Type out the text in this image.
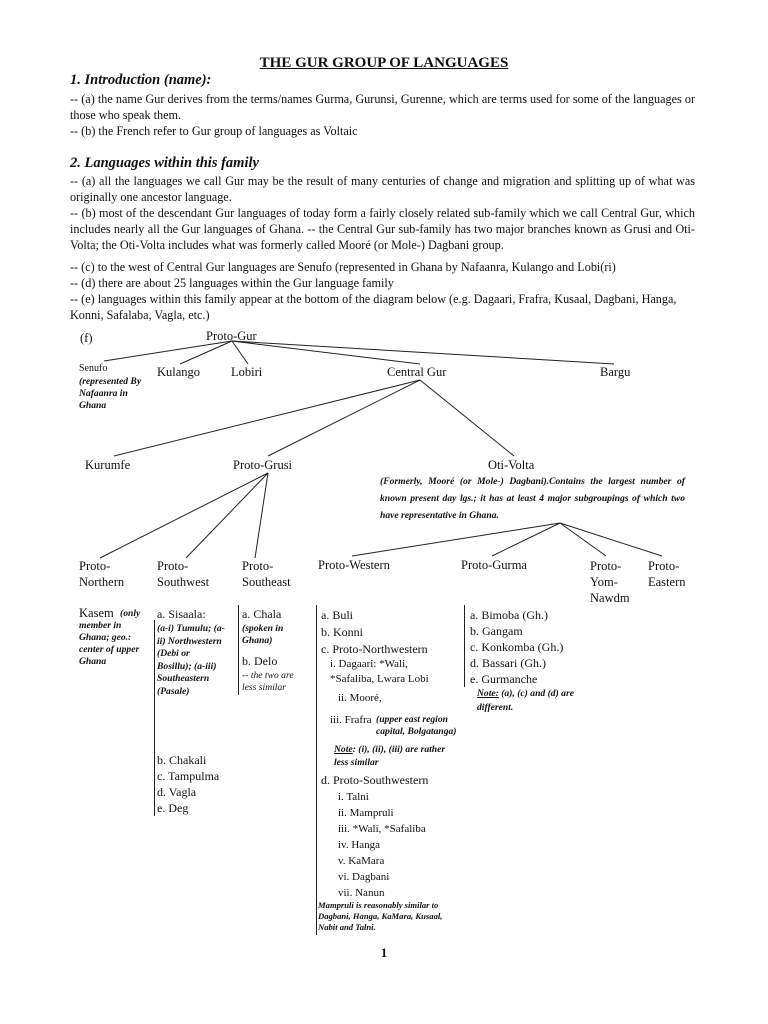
THE GUR GROUP OF LANGUAGES
1. Introduction (name):
-- (a) the name Gur derives from the terms/names Gurma, Gurunsi, Gurenne, which are terms used for some of the languages or those who speak them.
-- (b) the French refer to Gur group of languages as Voltaic
2. Languages within this family
-- (a) all the languages we call Gur may be the result of many centuries of change and migration and splitting up of what was originally one ancestor language.
-- (b) most of the descendant Gur languages of today form a fairly closely related sub-family which we call Central Gur, which includes nearly all the Gur languages of Ghana. -- the Central Gur sub-family has two major branches known as Grusi and Oti-Volta; the Oti-Volta includes what was formerly called Mooré (or Mole-) Dagbani group.
-- (c) to the west of Central Gur languages are Senufo (represented in Ghana by Nafaanra, Kulango and Lobi(ri)
-- (d) there are about 25 languages within the Gur language family
-- (e) languages within this family appear at the bottom of the diagram below (e.g. Dagaari, Frafra, Kusaal, Dagbani, Hanga, Konni, Safalaba, Vagla, etc.)
(f)	Proto-Gur
Senufo
(represented By Nafaanra in Ghana
Kulango Lobiri	Central Gur	Bargu
Kurumfe	Proto-Grusi	Oti-Volta
(Formerly, Mooré (or Mole-) Dagbani).Contains the largest number of known present day lgs.; it has at least 4 major subgroupings of which two have representative in Ghana.
Proto-Northern
Proto-Southwest
Proto-Southeast
Proto-Western	Proto-Gurma	Proto-Yom-Nawdm
Proto-Eastern
Kasem (only member in Ghana; geo.: center of upper Ghana
a. Sisaala:
(a-i) Tumulu; (a-ii) Northwestern (Debi or Bosillu); (a-iii) Southeastern (Pasale)
b. Chakali
c. Tampulma
d. Vagla
e. Deg
a. Chala
(spoken in Ghana)
b. Delo
-- the two are less similar
a. Buli
b. Konni
c. Proto-Northwestern
i. Dagaari: *Wali, *Safaliba, Lwara Lobi
ii. Mooré,
iii. Frafra (upper east region capital, Bolgatanga)
Note: (i), (ii), (iii) are rather less similar
d. Proto-Southwestern
i. Talni
ii. Mampruli
iii. *Wali, *Safaliba
iv. Hanga
v. KaMara
vi. Dagbani
vii. Nanun
Mampruli is reasonably similar to Dagbani, Hanga, KaMara, Kusaal, Nabit and Talni.
a. Bimoba (Gh.)
b. Gangam
c. Konkomba (Gh.)
d. Bassari (Gh.)
e. Gurmanche
Note: (a), (c) and (d) are different.
1
